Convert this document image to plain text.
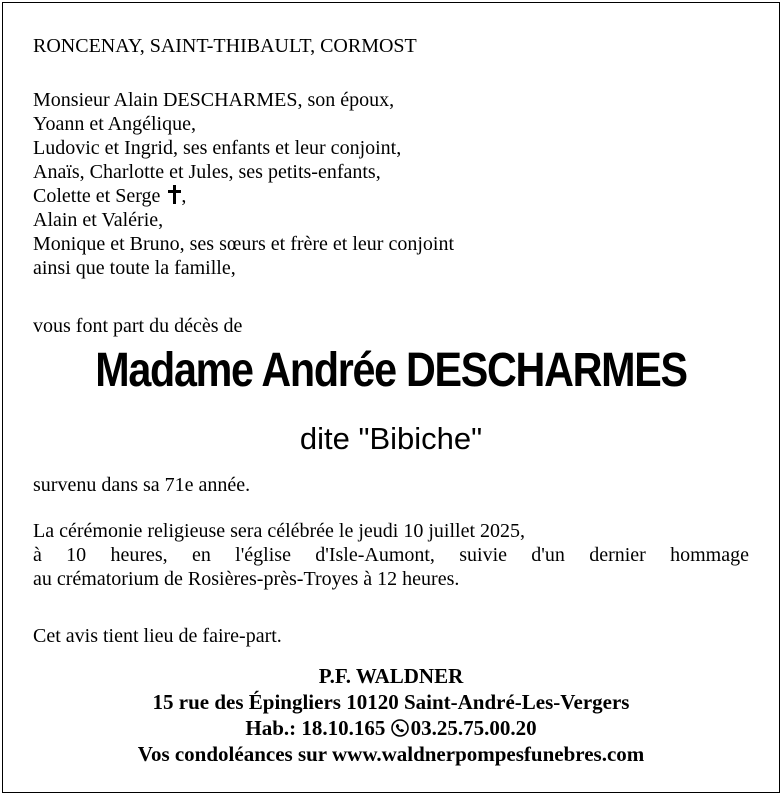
RONCENAY, SAINT-THIBAULT, CORMOST

Monsieur Alain DESCHARMES, son époux,
Yoann et Angélique,
Ludovic et Ingrid, ses enfants et leur conjoint,
Anaïs, Charlotte et Jules, ses petits-enfants,
Colette et Serge ,
Alain et Valérie,
Monique et Bruno, ses sœurs et frère et leur conjoint
ainsi que toute la famille,

vous font part du décès de

Madame Andrée DESCHARMES
dite "Bibiche"

survenu dans sa 71e année.

La cérémonie religieuse sera célébrée le jeudi 10 juillet 2025,
à 10 heures, en l'église d'Isle-Aumont, suivie d'un dernier hommage
au crématorium de Rosières-près-Troyes à 12 heures.

Cet avis tient lieu de faire-part.

P.F. WALDNER
15 rue des Épingliers 10120 Saint-André-Les-Vergers
Hab.: 18.10.165 03.25.75.00.20
Vos condoléances sur www.waldnerpompesfunebres.com
